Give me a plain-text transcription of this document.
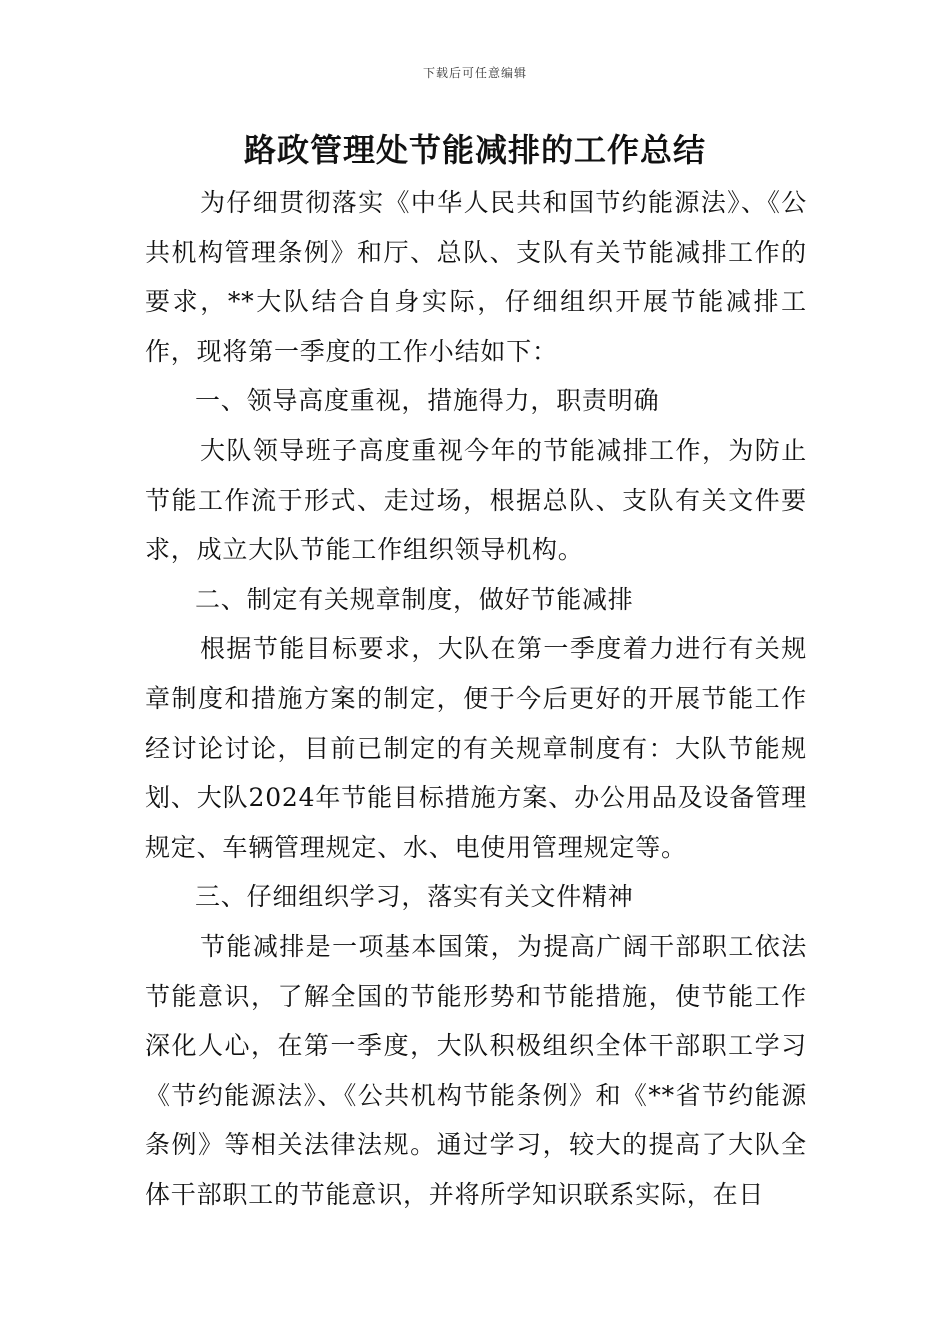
下载后可任意编辑
路政管理处节能减排的工作总结

为仔细贯彻落实《中华人民共和国节约能源法》、《公共机构管理条例》和厅、总队、支队有关节能减排工作的要求，**大队结合自身实际，仔细组织开展节能减排工作，现将第一季度的工作小结如下：

一、领导高度重视，措施得力，职责明确

大队领导班子高度重视今年的节能减排工作，为防止节能工作流于形式、走过场，根据总队、支队有关文件要求，成立大队节能工作组织领导机构。

二、制定有关规章制度，做好节能减排

根据节能目标要求，大队在第一季度着力进行有关规章制度和措施方案的制定，便于今后更好的开展节能工作经讨论讨论，目前已制定的有关规章制度有：大队节能规划、大队2024年节能目标措施方案、办公用品及设备管理规定、车辆管理规定、水、电使用管理规定等。

三、仔细组织学习，落实有关文件精神

节能减排是一项基本国策，为提高广阔干部职工依法节能意识，了解全国的节能形势和节能措施，使节能工作深化人心，在第一季度，大队积极组织全体干部职工学习《节约能源法》、《公共机构节能条例》和《**省节约能源条例》等相关法律法规。通过学习，较大的提高了大队全体干部职工的节能意识，并将所学知识联系实际，在日
